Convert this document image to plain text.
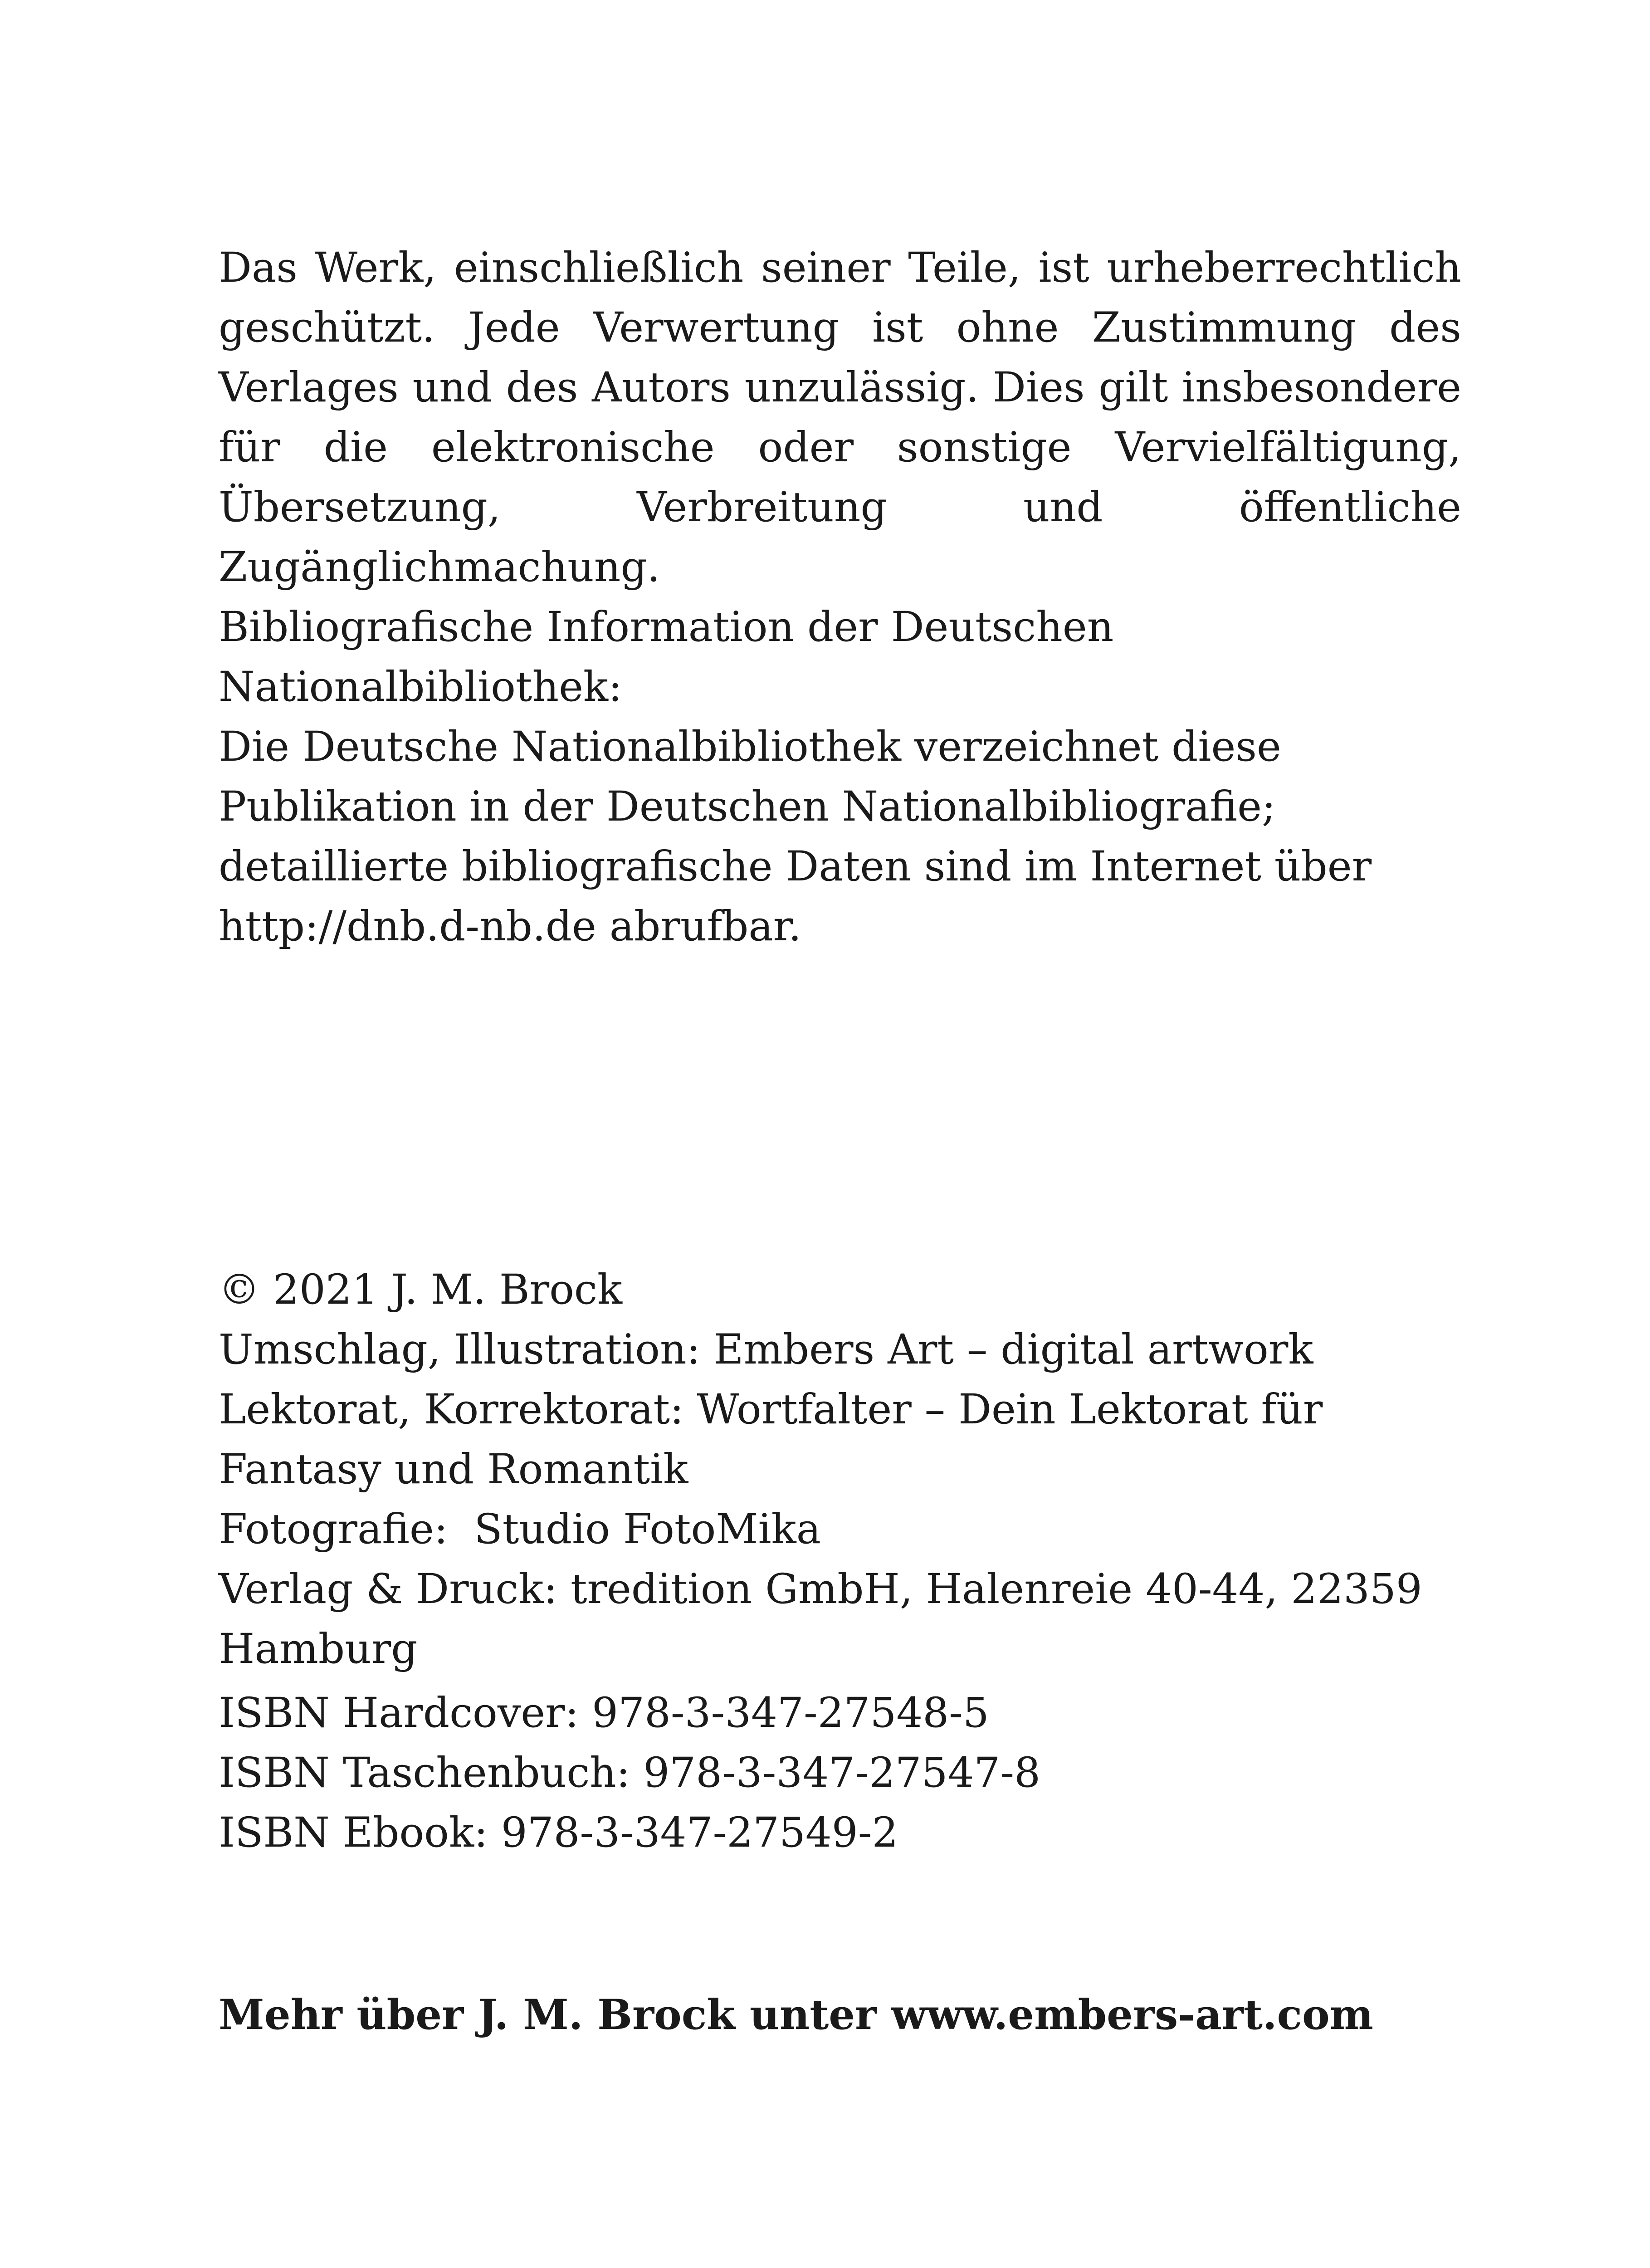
Das Werk, einschließlich seiner Teile, ist urheberrechtlich geschützt. Jede Verwertung ist ohne Zustimmung des Verlages und des Autors unzulässig. Dies gilt insbesondere für die elektronische oder sonstige Vervielfältigung, Übersetzung, Verbreitung und öffentliche Zugänglichmachung.

Bibliografische Information der Deutschen Nationalbibliothek:

Die Deutsche Nationalbibliothek verzeichnet diese Publikation in der Deutschen Nationalbibliografie; detaillierte bibliografische Daten sind im Internet über http://dnb.d-nb.de abrufbar.

© 2021 J. M. Brock

Umschlag, Illustration: Embers Art – digital artwork

Lektorat, Korrektorat: Wortfalter – Dein Lektorat für

Fantasy und Romantik

Fotografie:  Studio FotoMika

Verlag & Druck: tredition GmbH, Halenreie 40-44, 22359 Hamburg

ISBN Hardcover: 978-3-347-27548-5

ISBN Taschenbuch: 978-3-347-27547-8

ISBN Ebook: 978-3-347-27549-2

Mehr über J. M. Brock unter www.embers-art.com
